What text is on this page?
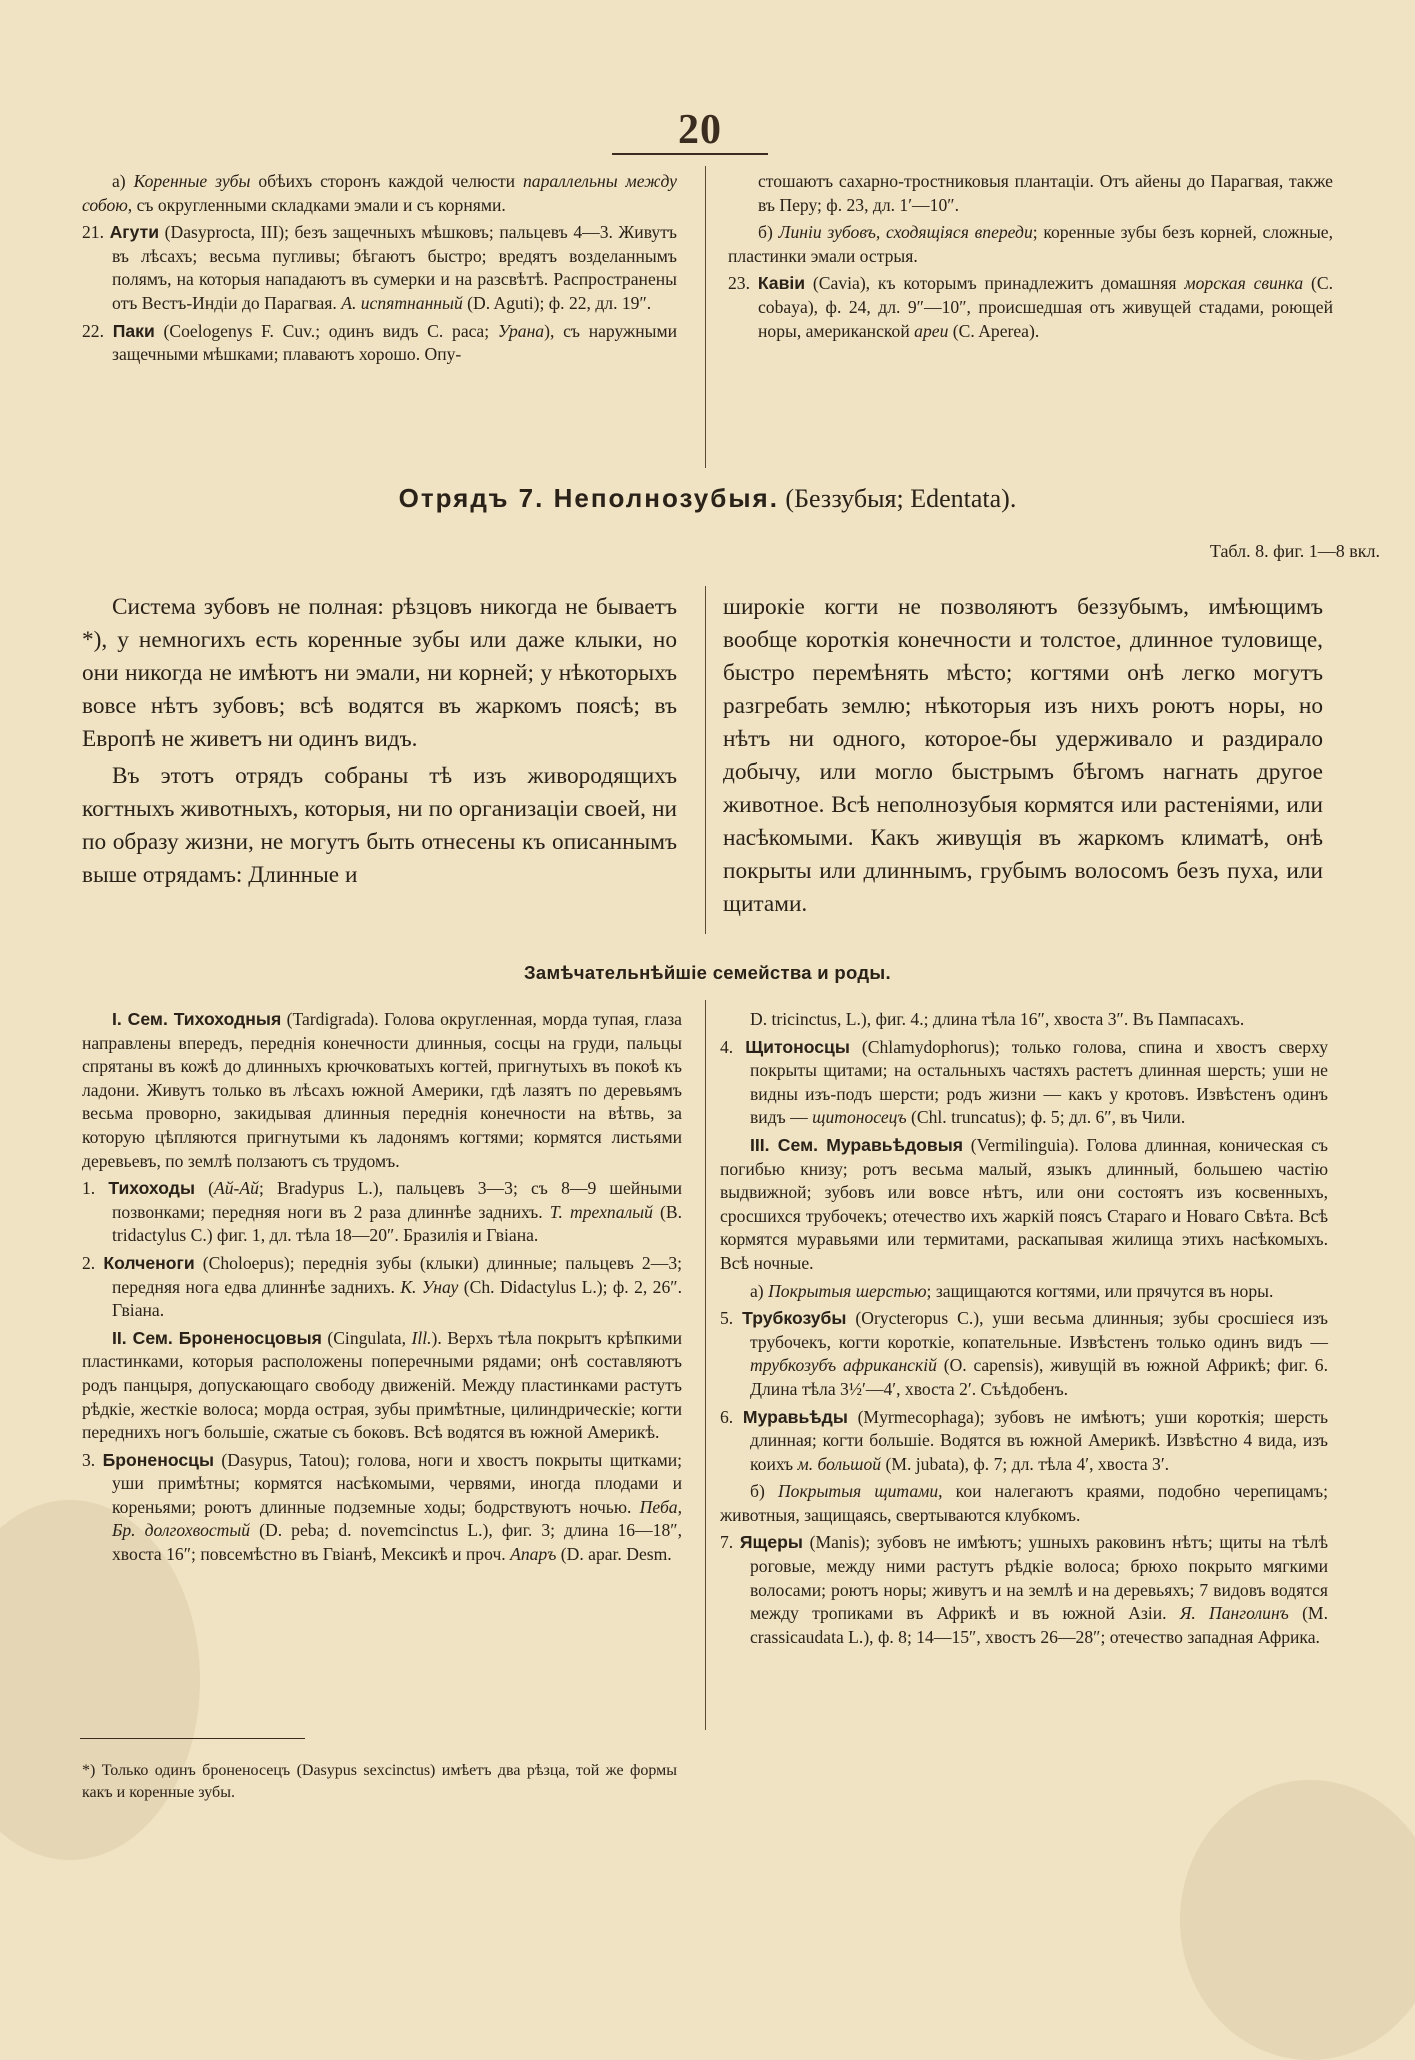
20
а) Коренные зубы обѣихъ сторонъ каждой челюсти параллельны между собою, съ округленными складками эмали и съ корнями.
21. Агути (Dasyproсta, III); безъ защечныхъ мѣшковъ; пальцевъ 4—3. Живутъ въ лѣсахъ; весьма пугливы; бѣгаютъ быстро; вредятъ возделаннымъ полямъ, на которыя нападаютъ въ сумерки и на разсвѣтѣ. Распространены отъ Вестъ-Индіи до Парагвая. А. испятнанный (D. Aguti); ф. 22, дл. 19″.
22. Паки (Coelogenys F. Cuv.; одинъ видъ C. paca; Урана), съ наружными защечными мѣшками; плаваютъ хорошо. Опу-
стошаютъ сахарно-тростниковыя плантаціи. Отъ айены до Парагвая, также въ Перу; ф. 23, дл. 1′—10″.
б) Линіи зубовъ, сходящіяся впереди; коренные зубы безъ корней, сложные, пластинки эмали острыя.
23. Кавіи (Cavia), къ которымъ принадлежитъ домашняя морская свинка (C. cobaya), ф. 24, дл. 9″—10″, происшедшая отъ живущей стадами, роющей норы, американской ареи (C. Aperea).
Отрядъ 7. Неполнозубыя. (Беззубыя; Edentata).
Табл. 8. фиг. 1—8 вкл.
Система зубовъ не полная: рѣзцовъ никогда не бываетъ *), у немногихъ есть коренные зубы или даже клыки, но они никогда не имѣютъ ни эмали, ни корней; у нѣкоторыхъ вовсе нѣтъ зубовъ; всѣ водятся въ жаркомъ поясѣ; въ Европѣ не живетъ ни одинъ видъ.
Въ этотъ отрядъ собраны тѣ изъ живородящихъ когтныхъ животныхъ, которыя, ни по организаціи своей, ни по образу жизни, не могутъ быть отнесены къ описаннымъ выше отрядамъ: Длинные и
широкіе когти не позволяютъ беззубымъ, имѣющимъ вообще короткія конечности и толстое, длинное туловище, быстро перемѣнять мѣсто; когтями онѣ легко могутъ разгребать землю; нѣкоторыя изъ нихъ роютъ норы, но нѣтъ ни одного, которое-бы удерживало и раздирало добычу, или могло быстрымъ бѣгомъ нагнать другое животное. Всѣ неполнозубыя кормятся или растеніями, или насѣкомыми. Какъ живущія въ жаркомъ климатѣ, онѣ покрыты или длиннымъ, грубымъ волосомъ безъ пуха, или щитами.
Замѣчательнѣйшіе семейства и роды.
I. Сем. Тихоходныя (Tardigrada). Голова округленная, морда тупая, глаза направлены впередъ, переднія конечности длинныя, сосцы на груди, пальцы спрятаны въ кожѣ до длинныхъ крючковатыхъ когтей, пригнутыхъ въ покоѣ къ ладони. Живутъ только въ лѣсахъ южной Америки, гдѣ лазятъ по деревьямъ весьма проворно, закидывая длинныя переднія конечности на вѣтвь, за которую цѣпляются пригнутыми къ ладонямъ когтями; кормятся листьями деревьевъ, по землѣ ползаютъ съ трудомъ.
1. Тихоходы (Ай-Ай; Bradypus L.), пальцевъ 3—3; съ 8—9 шейными позвонками; передняя ноги въ 2 раза длиннѣе заднихъ. Т. трехпалый (B. tridactylus C.) фиг. 1, дл. тѣла 18—20″. Бразилія и Гвіана.
2. Колченоги (Choloepus); переднія зубы (клыки) длинные; пальцевъ 2—3; передняя нога едва длиннѣе заднихъ. К. Унау (Ch. Didactylus L.); ф. 2, 26″. Гвіана.
II. Сем. Броненосцовыя (Cingulata, Ill.). Верхъ тѣла покрытъ крѣпкими пластинками, которыя расположены поперечными рядами; онѣ составляютъ родъ панцыря, допускающаго свободу движеній. Между пластинками растутъ рѣдкіе, жесткіе волоса; морда острая, зубы примѣтные, цилиндрическіе; когти переднихъ ногъ большіе, сжатые съ боковъ. Всѣ водятся въ южной Америкѣ.
3. Броненосцы (Dasypus, Tatou); голова, ноги и хвостъ покрыты щитками; уши примѣтны; кормятся насѣкомыми, червями, иногда плодами и кореньями; роютъ длинные подземные ходы; бодрствуютъ ночью. Пеба, Бр. долгохвостый (D. peba; d. novemcinctus L.), фиг. 3; длина 16—18″, хвоста 16″; повсемѣстно въ Гвіанѣ, Мексикѣ и проч. Апаръ (D. apar. Desm.
D. tricinctus, L.), фиг. 4.; длина тѣла 16″, хвоста 3″. Въ Пампасахъ.
4. Щитоносцы (Chlamydophorus); только голова, спина и хвостъ сверху покрыты щитами; на остальныхъ частяхъ растетъ длинная шерсть; уши не видны изъ-подъ шерсти; родъ жизни — какъ у кротовъ. Извѣстенъ одинъ видъ — щитоносецъ (Chl. truncatus); ф. 5; дл. 6″, въ Чили.
III. Сем. Муравьѣдовыя (Vermilinguia). Голова длинная, коническая съ погибью книзу; ротъ весьма малый, языкъ длинный, большею частію выдвижной; зубовъ или вовсе нѣтъ, или они состоятъ изъ косвенныхъ, сросшихся трубочекъ; отечество ихъ жаркій поясъ Стараго и Новаго Свѣта. Всѣ кормятся муравьями или термитами, раскапывая жилища этихъ насѣкомыхъ. Всѣ ночные.
а) Покрытыя шерстью; защищаются когтями, или прячутся въ норы.
5. Трубкозубы (Orycteropus C.), уши весьма длинныя; зубы сросшіеся изъ трубочекъ, когти короткіе, копательные. Извѣстенъ только одинъ видъ — трубкозубъ африканскій (O. capensis), живущій въ южной Африкѣ; фиг. 6. Длина тѣла 3½′—4′, хвоста 2′. Съѣдобенъ.
6. Муравьѣды (Myrmecophaga); зубовъ не имѣютъ; уши короткія; шерсть длинная; когти большіе. Водятся въ южной Америкѣ. Извѣстно 4 вида, изъ коихъ м. большой (M. jubata), ф. 7; дл. тѣла 4′, хвоста 3′.
б) Покрытыя щитами, кои налегаютъ краями, подобно черепицамъ; животныя, защищаясь, свертываются клубкомъ.
7. Ящеры (Manis); зубовъ не имѣютъ; ушныхъ раковинъ нѣтъ; щиты на тѣлѣ роговые, между ними растутъ рѣдкіе волоса; брюхо покрыто мягкими волосами; роютъ норы; живутъ и на землѣ и на деревьяхъ; 7 видовъ водятся между тропиками въ Африкѣ и въ южной Азіи. Я. Панголинъ (M. crassicaudata L.), ф. 8; 14—15″, хвостъ 26—28″; отечество западная Африка.
*) Только одинъ броненосецъ (Dasypus sexcinctus) имѣетъ два рѣзца, той же формы какъ и коренные зубы.
